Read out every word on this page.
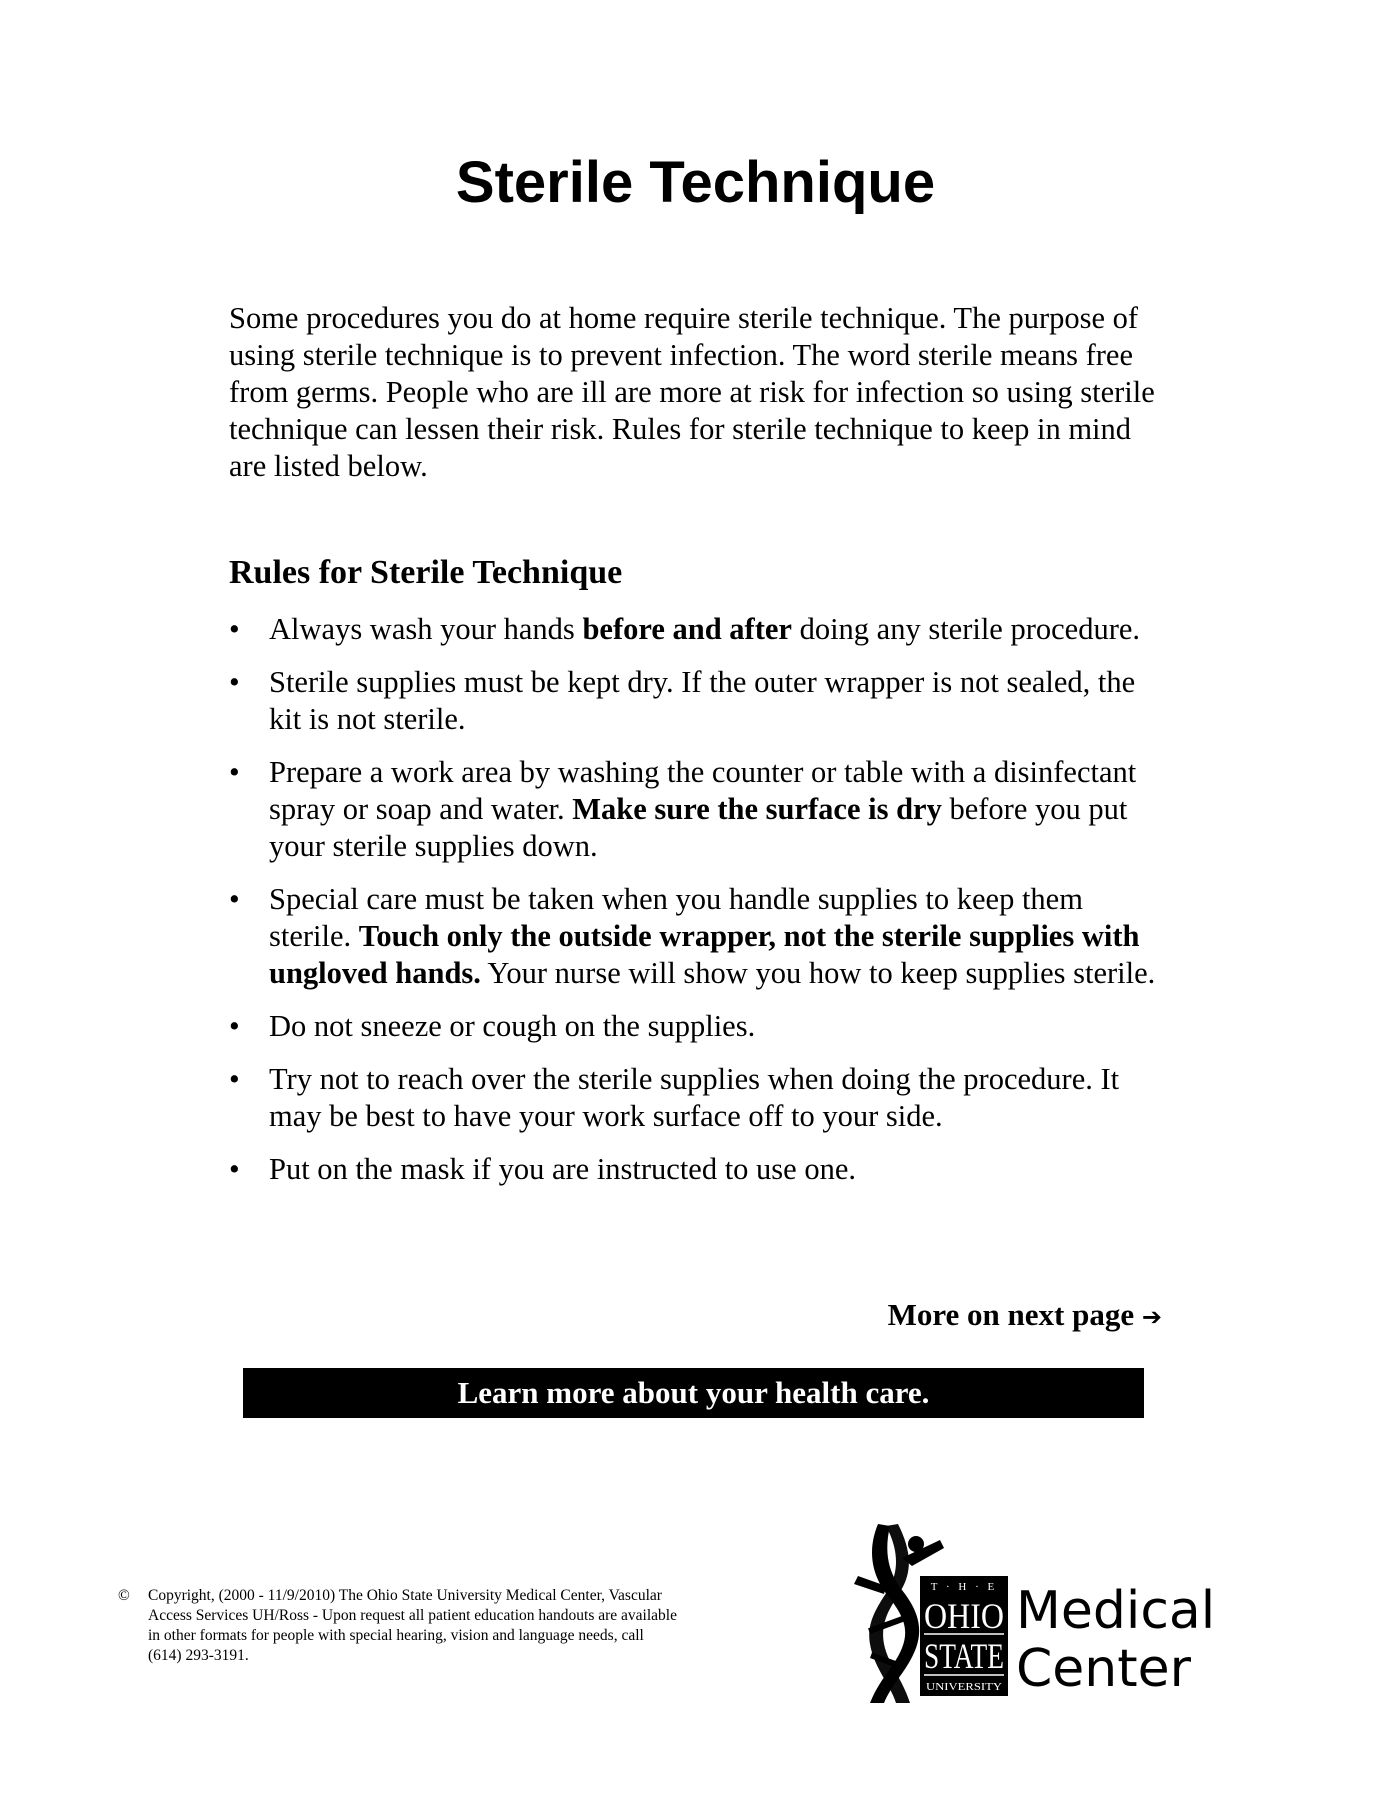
Sterile Technique

Some procedures you do at home require sterile technique. The purpose of using sterile technique is to prevent infection. The word sterile means free from germs. People who are ill are more at risk for infection so using sterile technique can lessen their risk. Rules for sterile technique to keep in mind are listed below.

Rules for Sterile Technique
• Always wash your hands before and after doing any sterile procedure.
• Sterile supplies must be kept dry. If the outer wrapper is not sealed, the kit is not sterile.
• Prepare a work area by washing the counter or table with a disinfectant spray or soap and water. Make sure the surface is dry before you put your sterile supplies down.
• Special care must be taken when you handle supplies to keep them sterile. Touch only the outside wrapper, not the sterile supplies with ungloved hands. Your nurse will show you how to keep supplies sterile.
• Do not sneeze or cough on the supplies.
• Try not to reach over the sterile supplies when doing the procedure. It may be best to have your work surface off to your side.
• Put on the mask if you are instructed to use one.
More on next page ➔
Learn more about your health care.
© Copyright, (2000 - 11/9/2010) The Ohio State University Medical Center, Vascular Access Services UH/Ross - Upon request all patient education handouts are available in other formats for people with special hearing, vision and language needs, call (614) 293-3191.
T · H · E
OHIO
STATE
UNIVERSITY
Medical
Center
